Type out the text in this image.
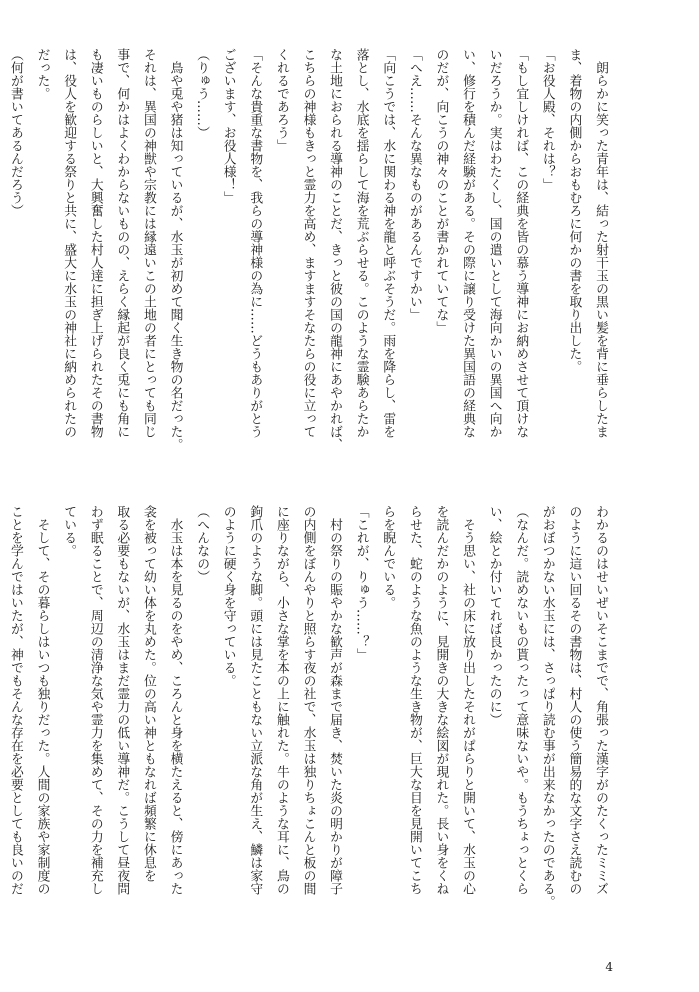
　朗らかに笑った青年は、結った射干玉の黒い髪を背に垂らしたま
ま、着物の内側からおもむろに何かの書を取り出した。
「お役人殿、それは？」
「もし宜しければ、この経典を皆の慕う導神にお納めさせて頂けな
いだろうか。実はわたくし、国の遣いとして海向かいの異国へ向か
い、修行を積んだ経験がある。その際に譲り受けた異国語の経典な
のだが、向こうの神々のことが書かれていてな」
「へえ……そんな異なものがあるんですかい」
「向こうでは、水に関わる神を龍と呼ぶそうだ。雨を降らし、雷を
落とし、水底を揺らして海を荒ぶらせる。このような霊験あらたか
な土地におられる導神のことだ、きっと彼の国の龍神にあやかれば、
こちらの神様もきっと霊力を高め、ますますそなたらの役に立って
くれるであろう」
「そんな貴重な書物を、我らの導神様の為に……どうもありがとう
ございます、お役人様！」
（りゅう……）
　鳥や兎や猪は知っているが、水玉が初めて聞く生き物の名だった。
それは、異国の神獣や宗教には縁遠いこの土地の者にとっても同じ
事で、何かはよくわからないものの、えらく縁起が良く兎にも角に
も凄いものらしいと、大興奮した村人達に担ぎ上げられたその書物
は、役人を歓迎する祭りと共に、盛大に水玉の神社に納められたの
だった。
（何が書いてあるんだろう）
わかるのはせいぜいそこまでで、角張った漢字がのたくったミミズ
のように這い回るその書物は、村人の使う簡易的な文字さえ読むの
がおぼつかない水玉には、さっぱり読む事が出来なかったのである。
（なんだ。読めないもの貰ったって意味ないや。もうちょっとくら
い、絵とか付いてれば良かったのに）
　そう思い、社の床に放り出したそれがぱらりと開いて、水玉の心
を読んだかのように、見開きの大きな絵図が現れた。長い身をくね
らせた、蛇のような魚のような生き物が、巨大な目を見開いてこち
らを睨んでいる。
「これが、りゅう……？」
　村の祭りの賑やかな歓声が森まで届き、焚いた炎の明かりが障子
の内側をぼんやりと照らす夜の社で、水玉は独りちょこんと板の間
に座りながら、小さな掌を本の上に触れた。牛のような耳に、鳥の
鉤爪のような脚。頭には見たこともない立派な角が生え、鱗は家守
のように硬く身を守っている。
（へんなの）
　水玉は本を見るのをやめ、ころんと身を横たえると、傍にあった
衾を被って幼い体を丸めた。位の高い神ともなれば頻繁に休息を
取る必要もないが、水玉はまだ霊力の低い導神だ。こうして昼夜問
わず眠ることで、周辺の清浄な気や霊力を集めて、その力を補充し
ている。
　そして、その暮らしはいつも独りだった。人間の家族や家制度の
ことを学んではいたが、神でもそんな存在を必要としても良いのだ
4
